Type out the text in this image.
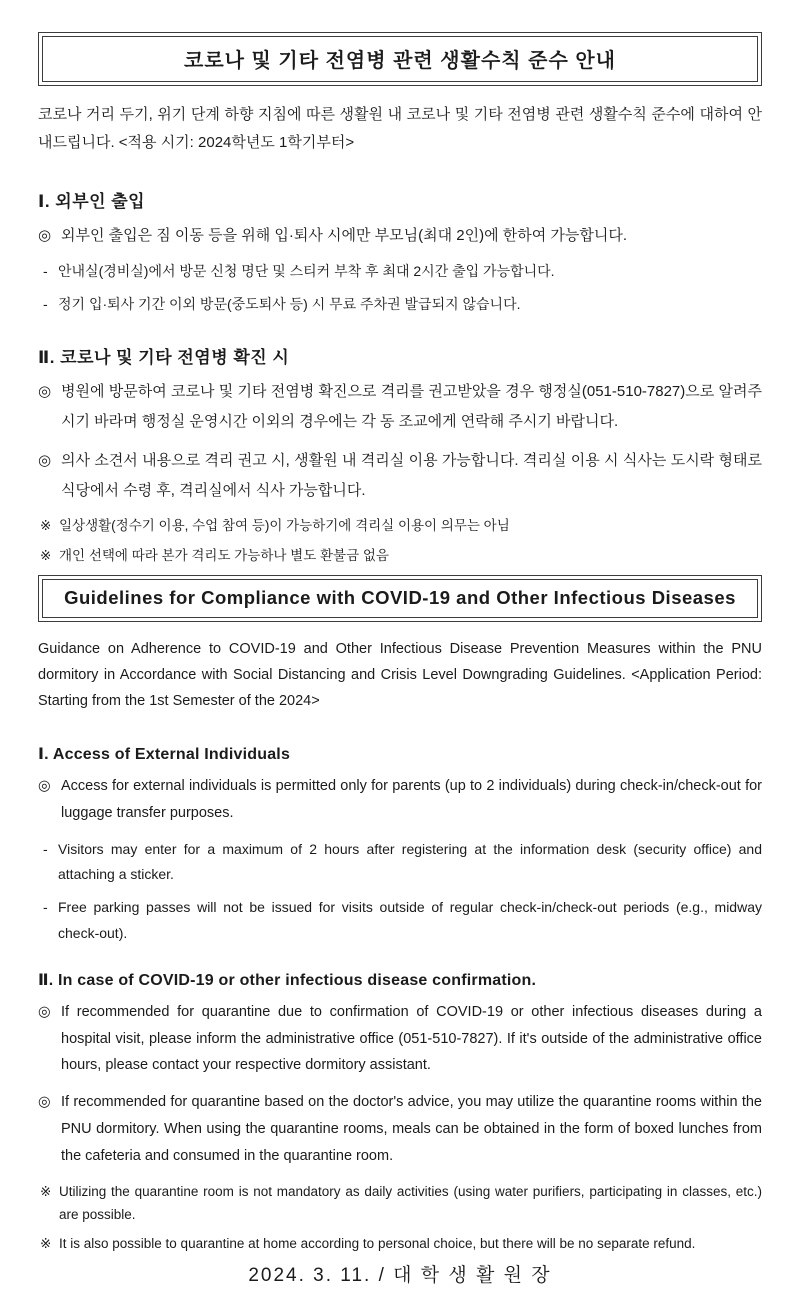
코로나 및 기타 전염병 관련 생활수칙 준수 안내

코로나 거리 두기, 위기 단계 하향 지침에 따른 생활원 내 코로나 및 기타 전염병 관련 생활수칙 준수에 대하여 안내드립니다. <적용 시기: 2024학년도 1학기부터>

Ⅰ. 외부인 출입
◎ 외부인 출입은 짐 이동 등을 위해 입·퇴사 시에만 부모님(최대 2인)에 한하여 가능합니다.
- 안내실(경비실)에서 방문 신청 명단 및 스티커 부착 후 최대 2시간 출입 가능합니다.
- 정기 입·퇴사 기간 이외 방문(중도퇴사 등) 시 무료 주차권 발급되지 않습니다.
Ⅱ. 코로나 및 기타 전염병 확진 시
◎ 병원에 방문하여 코로나 및 기타 전염병 확진으로 격리를 권고받았을 경우 행정실(051-510-7827)으로 알려주시기 바라며 행정실 운영시간 이외의 경우에는 각 동 조교에게 연락해 주시기 바랍니다.
◎ 의사 소견서 내용으로 격리 권고 시, 생활원 내 격리실 이용 가능합니다. 격리실 이용 시 식사는 도시락 형태로 식당에서 수령 후, 격리실에서 식사 가능합니다.
※ 일상생활(정수기 이용, 수업 참여 등)이 가능하기에 격리실 이용이 의무는 아님
※ 개인 선택에 따라 본가 격리도 가능하나 별도 환불금 없음
Guidelines for Compliance with COVID-19 and Other Infectious Diseases

Guidance on Adherence to COVID-19 and Other Infectious Disease Prevention Measures within the PNU dormitory in Accordance with Social Distancing and Crisis Level Downgrading Guidelines. <Application Period: Starting from the 1st Semester of the 2024>

Ⅰ. Access of External Individuals
◎ Access for external individuals is permitted only for parents (up to 2 individuals) during check-in/check-out for luggage transfer purposes.
- Visitors may enter for a maximum of 2 hours after registering at the information desk (security office) and attaching a sticker.
- Free parking passes will not be issued for visits outside of regular check-in/check-out periods (e.g., midway check-out).
Ⅱ. In case of COVID-19 or other infectious disease confirmation.
◎ If recommended for quarantine due to confirmation of COVID-19 or other infectious diseases during a hospital visit, please inform the administrative office (051-510-7827). If it's outside of the administrative office hours, please contact your respective dormitory assistant.
◎ If recommended for quarantine based on the doctor's advice, you may utilize the quarantine rooms within the PNU dormitory. When using the quarantine rooms, meals can be obtained in the form of boxed lunches from the cafeteria and consumed in the quarantine room.
※ Utilizing the quarantine room is not mandatory as daily activities (using water purifiers, participating in classes, etc.) are possible.
※ It is also possible to quarantine at home according to personal choice, but there will be no separate refund.
2024. 3. 11. / 대 학 생 활 원 장
